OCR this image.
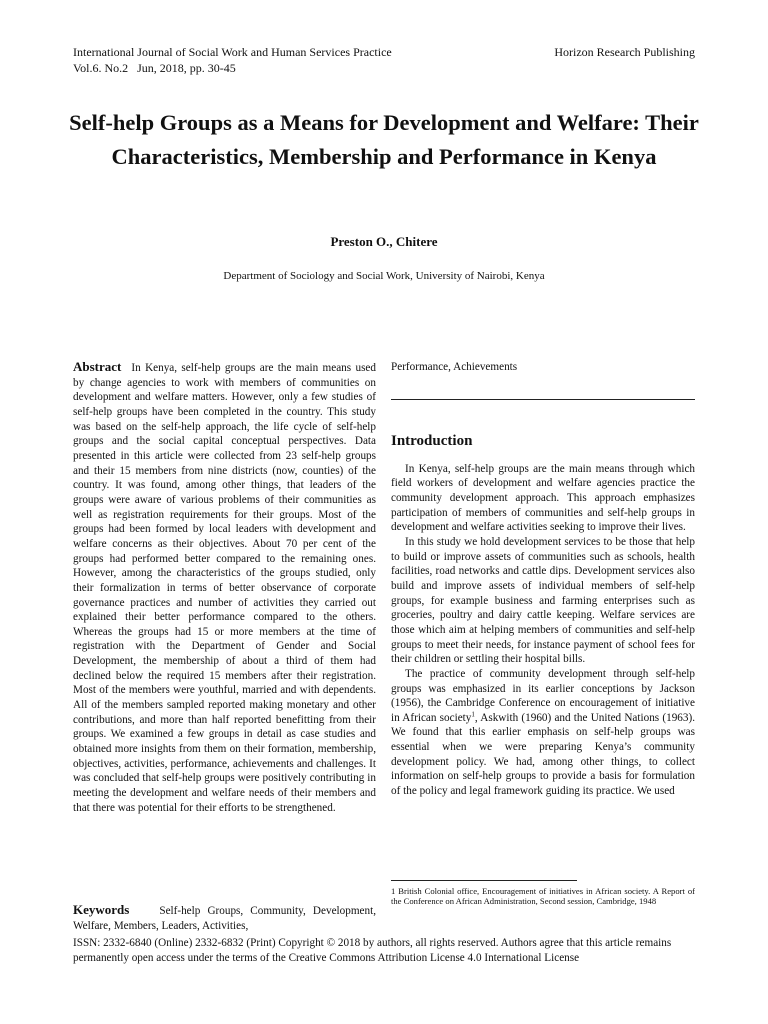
International Journal of Social Work and Human Services Practice
Vol.6. No.2   Jun, 2018, pp. 30-45
Horizon Research Publishing
Self-help Groups as a Means for Development and Welfare: Their Characteristics, Membership and Performance in Kenya
Preston O., Chitere
Department of Sociology and Social Work, University of Nairobi, Kenya

Abstract In Kenya, self-help groups are the main means used by change agencies to work with members of communities on development and welfare matters. However, only a few studies of self-help groups have been completed in the country. This study was based on the self-help approach, the life cycle of self-help groups and the social capital conceptual perspectives. Data presented in this article were collected from 23 self-help groups and their 15 members from nine districts (now, counties) of the country. It was found, among other things, that leaders of the groups were aware of various problems of their communities as well as registration requirements for their groups. Most of the groups had been formed by local leaders with development and welfare concerns as their objectives. About 70 per cent of the groups had performed better compared to the remaining ones. However, among the characteristics of the groups studied, only their formalization in terms of better observance of corporate governance practices and number of activities they carried out explained their better performance compared to the others. Whereas the groups had 15 or more members at the time of registration with the Department of Gender and Social Development, the membership of about a third of them had declined below the required 15 members after their registration. Most of the members were youthful, married and with dependents. All of the members sampled reported making monetary and other contributions, and more than half reported benefitting from their groups. We examined a few groups in detail as case studies and obtained more insights from them on their formation, membership, objectives, activities, performance, achievements and challenges. It was concluded that self-help groups were positively contributing in meeting the development and welfare needs of their members and that there was potential for their efforts to be strengthened.

Keywords	Self-help Groups, Community, Development, Welfare, Members, Leaders, Activities,

Performance, Achievements

Introduction

In Kenya, self-help groups are the main means through which field workers of development and welfare agencies practice the community development approach. This approach emphasizes participation of members of communities and self-help groups in development and welfare activities seeking to improve their lives.

In this study we hold development services to be those that help to build or improve assets of communities such as schools, health facilities, road networks and cattle dips. Development services also build and improve assets of individual members of self-help groups, for example business and farming enterprises such as groceries, poultry and dairy cattle keeping. Welfare services are those which aim at helping members of communities and self-help groups to meet their needs, for instance payment of school fees for their children or settling their hospital bills.

The practice of community development through self-help groups was emphasized in its earlier conceptions by Jackson (1956), the Cambridge Conference on encouragement of initiative in African society$^1$, Askwith (1960) and the United Nations (1963). We found that this earlier emphasis on self-help groups was essential when we were preparing Kenya’s community development policy. We had, among other things, to collect information on self-help groups to provide a basis for formulation of the policy and legal framework guiding its practice. We used

1 British Colonial office, Encouragement of initiatives in African society. A Report of the Conference on African Administration, Second session, Cambridge, 1948
ISSN: 2332-6840 (Online) 2332-6832 (Print) Copyright © 2018 by authors, all rights reserved. Authors agree that this article remains permanently open access under the terms of the Creative Commons Attribution License 4.0 International License
